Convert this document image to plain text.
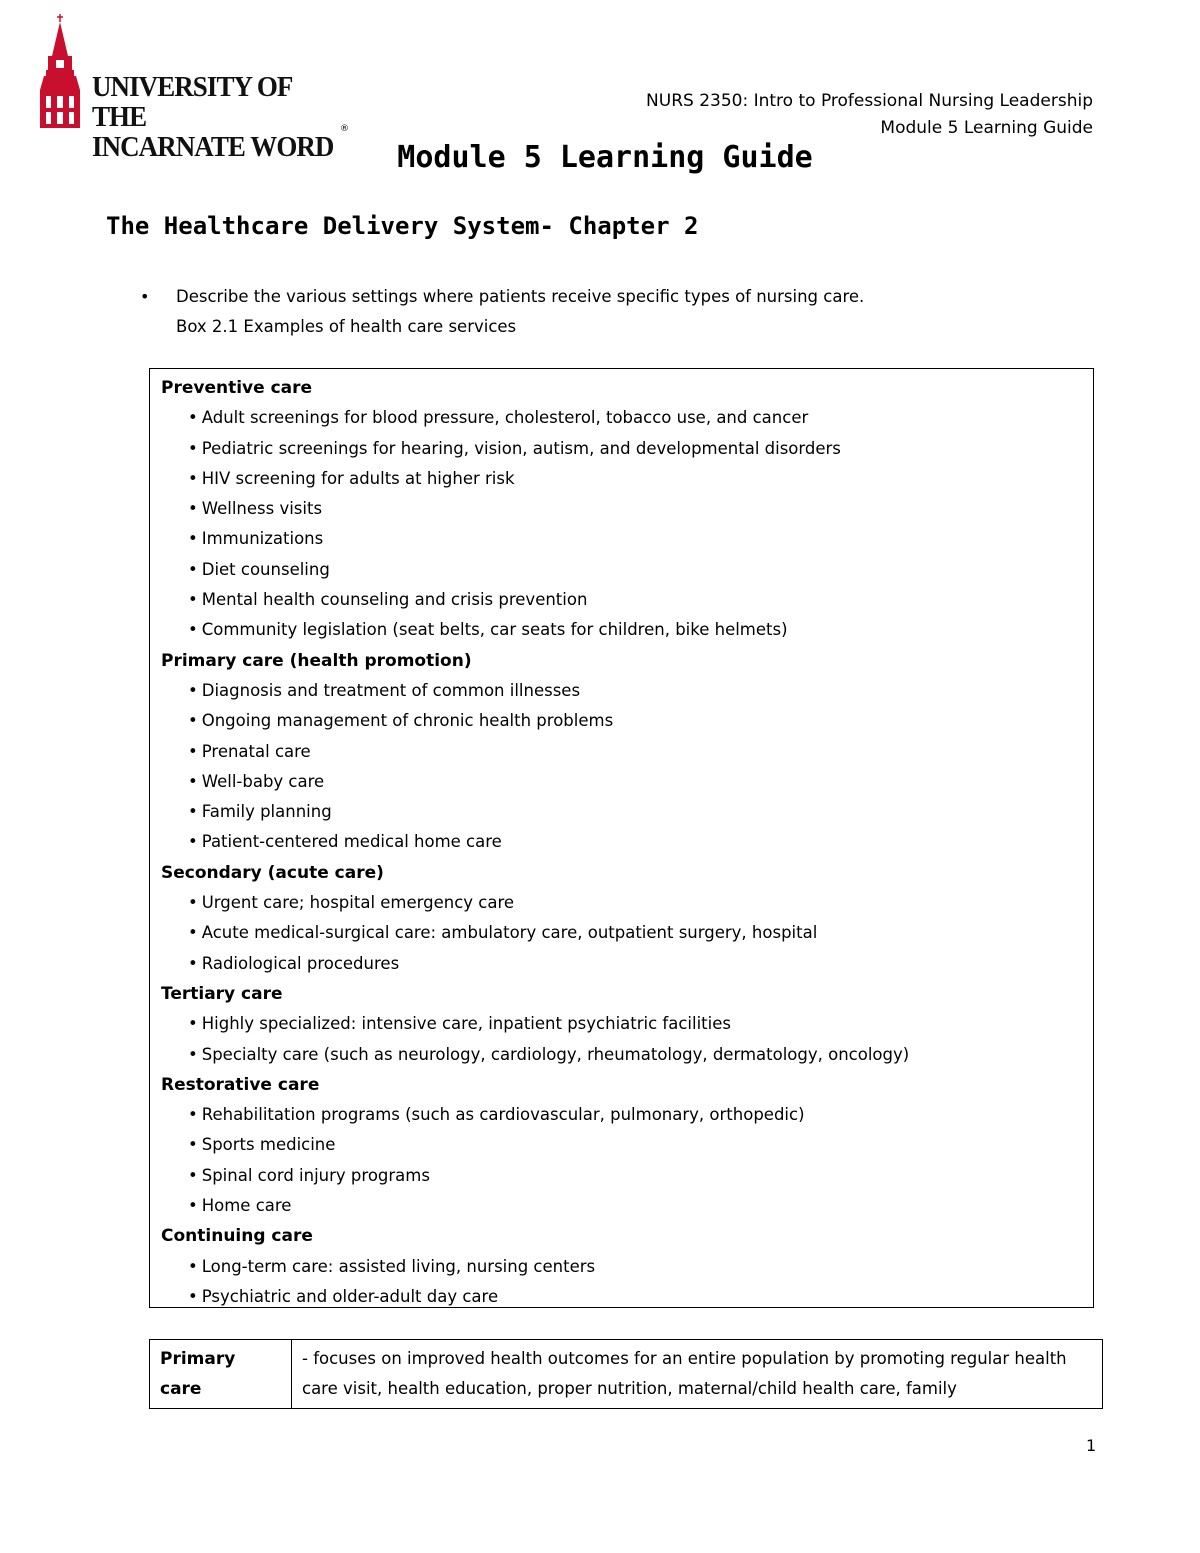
UNIVERSITY OF THE
INCARNATE WORD
®
NURS 2350: Intro to Professional Nursing Leadership
Module 5 Learning Guide
Module 5 Learning Guide
The Healthcare Delivery System- Chapter 2
• Describe the various settings where patients receive specific types of nursing care.
Box 2.1 Examples of health care services
Preventive care
• Adult screenings for blood pressure, cholesterol, tobacco use, and cancer
• Pediatric screenings for hearing, vision, autism, and developmental disorders
• HIV screening for adults at higher risk
• Wellness visits
• Immunizations
• Diet counseling
• Mental health counseling and crisis prevention
• Community legislation (seat belts, car seats for children, bike helmets)
Primary care (health promotion)
• Diagnosis and treatment of common illnesses
• Ongoing management of chronic health problems
• Prenatal care
• Well-baby care
• Family planning
• Patient-centered medical home care
Secondary (acute care)
• Urgent care; hospital emergency care
• Acute medical-surgical care: ambulatory care, outpatient surgery, hospital
• Radiological procedures
Tertiary care
• Highly specialized: intensive care, inpatient psychiatric facilities
• Specialty care (such as neurology, cardiology, rheumatology, dermatology, oncology)
Restorative care
• Rehabilitation programs (such as cardiovascular, pulmonary, orthopedic)
• Sports medicine
• Spinal cord injury programs
• Home care
Continuing care
• Long-term care: assisted living, nursing centers
• Psychiatric and older-adult day care
Primary care	- focuses on improved health outcomes for an entire population by promoting regular health care visit, health education, proper nutrition, maternal/child health care, family
1
